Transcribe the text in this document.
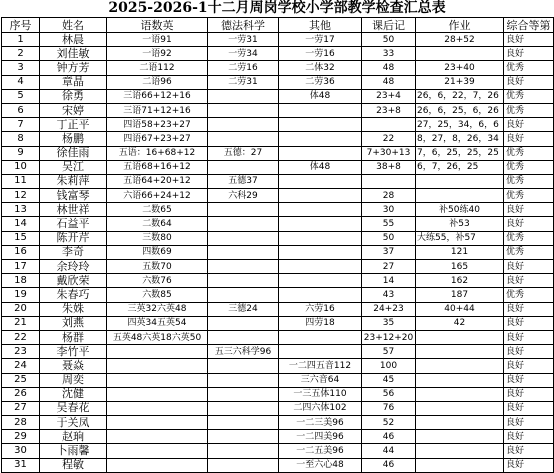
2025-2026-1十二月周岗学校小学部教学检查汇总表
序号	姓名	语数英	德法科学	其他	课后记	作业	综合等第
1	林晨	一语91	一劳31	一劳17	50	28+52	良好
2	刘佳敏	一语92	一劳34	一劳16	33		良好
3	钟方芳	二语112	二劳16	二体32	48	23+40	优秀
4	章晶	二语96	二劳31	二劳36	48	21+39	良好
5	徐勇	三语66+12+16		体48	23+4	26，6，22，7，26	优秀
6	宋婷	三语71+12+16			23+8	26，6，25，6，26	优秀
7	丁正平	四语58+23+27				27，25，34，6，6	良好
8	杨鹏	四语67+23+27			22	8，27，8，26，34	良好
9	徐佳雨	五语：16+68+12	五德：27		7+30+13	7，6，25，25，25	优秀
10	吴江	五语68+16+12		体48	38+8	6，7，26，25	优秀
11	朱莉萍	五语64+20+12	五德37				优秀
12	钱富琴	六语66+24+12	六科29		28		优秀
13	林世祥	二数65			30	补50练40	良好
14	石益平	二数64			55	补53	良好
15	陈开芹	三数80			50	大练55，补57	优秀
16	李奇	四数69			37	121	优秀
17	余玲玲	五数70			27	165	良好
18	戴欣荣	六数76			14	162	良好
19	朱春巧	六数85			43	187	优秀
20	朱姝	三英32六英48	三德24	六劳16	24+23	40+44	良好
21	刘燕	四英34五英54		四劳18	35	42	良好
22	杨群	五英48六英18六英50			23+12+20		良好
23	李竹平		五三六科学96		57		良好
24	聂焱			一二四五音112	100		良好
25	周奕			三六音64	45		良好
26	沈健			一三五体110	56		良好
27	吴春花			二四六体102	76		良好
28	于关凤			一二三美96	52		良好
29	赵珦			一二四美96	46		良好
30	卜雨馨			一二五美96	44		良好
31	程敏			一至六心48	46		良好
